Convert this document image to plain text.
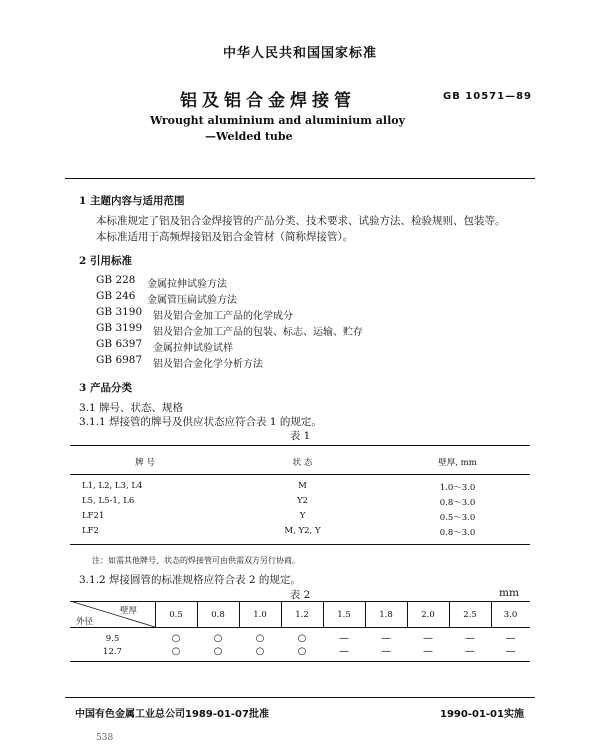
中华人民共和国国家标准
铝及铝合金焊接管	GB 10571—89
Wrought aluminium and aluminium alloy
—Welded tube
1 主题内容与适用范围
本标准规定了铝及铝合金焊接管的产品分类、技术要求、试验方法、检验规则、包装等。
本标准适用于高频焊接铝及铝合金管材（简称焊接管）。
2 引用标准
GB 228 金属拉伸试验方法
GB 246 金属管压扁试验方法
GB 3190 铝及铝合金加工产品的化学成分
GB 3199 铝及铝合金加工产品的包装、标志、运输、贮存
GB 6397 金属拉伸试验试样
GB 6987 铝及铝合金化学分析方法
3 产品分类
3.1 牌号、状态、规格
3.1.1 焊接管的牌号及供应状态应符合表 1 的规定。
表 1
牌 号	状 态	壁厚, mm
L1, L2, L3, L4	M	1.0～3.0
L5, L5-1, L6	Y2	0.8～3.0
LF21	Y	0.5～3.0
LF2	M, Y2, Y	0.8～3.0
注：如需其他牌号、状态的焊接管可由供需双方另行协商。
3.1.2 焊接圆管的标准规格应符合表 2 的规定。
表 2	mm
壁厚
外径
0.5	0.8	1.0	1.2	1.5	1.8	2.0	2.5	3.0
9.5	○	○	○	○	—	—	—	—	—
12.7	○	○	○	○	—	—	—	—	—
中国有色金属工业总公司1989-01-07批准	1990-01-01实施
538
